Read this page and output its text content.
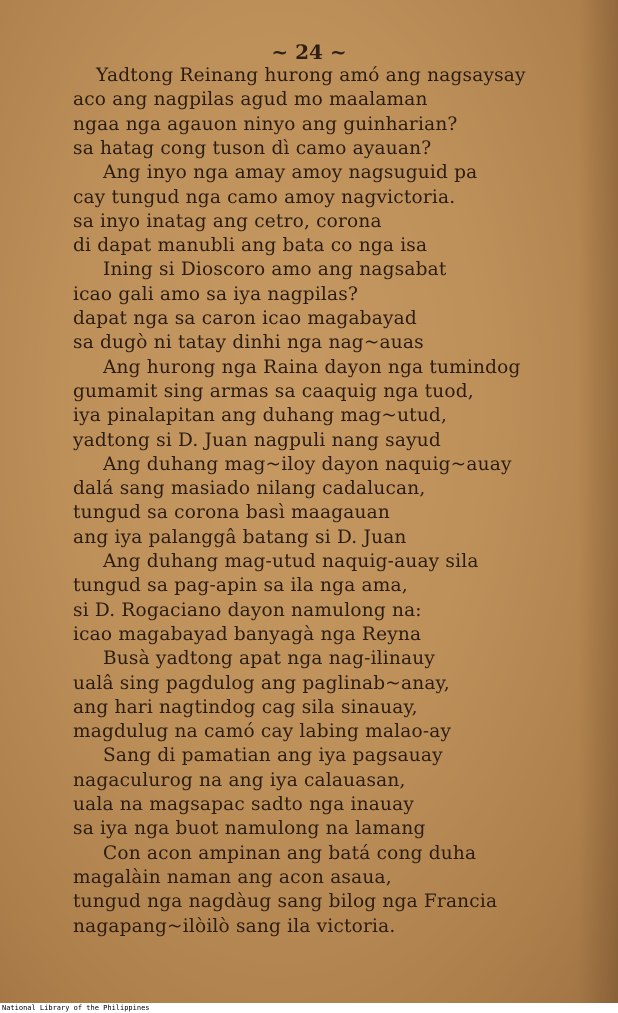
~ 24 ~
Yadtong Reinang hurong amó ang nagsaysay
aco ang nagpilas agud mo maalaman
ngaa nga agauon ninyo ang guinharian?
sa hatag cong tuson dì camo ayauan?
Ang inyo nga amay amoy nagsuguid pa
cay tungud nga camo amoy nagvictoria.
sa inyo inatag ang cetro, corona
di dapat manubli ang bata co nga isa
Ining si Dioscoro amo ang nagsabat
icao gali amo sa iya nagpilas?
dapat nga sa caron icao magabayad
sa dugò ni tatay dinhi nga nag~auas
Ang hurong nga Raina dayon nga tumindog
gumamit sing armas sa caaquig nga tuod,
iya pinalapitan ang duhang mag~utud,
yadtong si D. Juan nagpuli nang sayud
Ang duhang mag~iloy dayon naquig~auay
dalá sang masiado nilang cadalucan,
tungud sa corona basì maagauan
ang iya palanggâ batang si D. Juan
Ang duhang mag-utud naquig-auay sila
tungud sa pag-apin sa ila nga ama,
si D. Rogaciano dayon namulong na:
icao magabayad banyagà nga Reyna
Busà yadtong apat nga nag-ilinauy
ualâ sing pagdulog ang paglinab~anay,
ang hari nagtindog cag sila sinauay,
magdulug na camó cay labing malao-ay
Sang di pamatian ang iya pagsauay
nagaculurog na ang iya calauasan,
uala na magsapac sadto nga inauay
sa iya nga buot namulong na lamang
Con acon ampinan ang batá cong duha
magalàin naman ang acon asaua,
tungud nga nagdàug sang bilog nga Francia
nagapang~ilòilò sang ila victoria.
National Library of the Philippines
